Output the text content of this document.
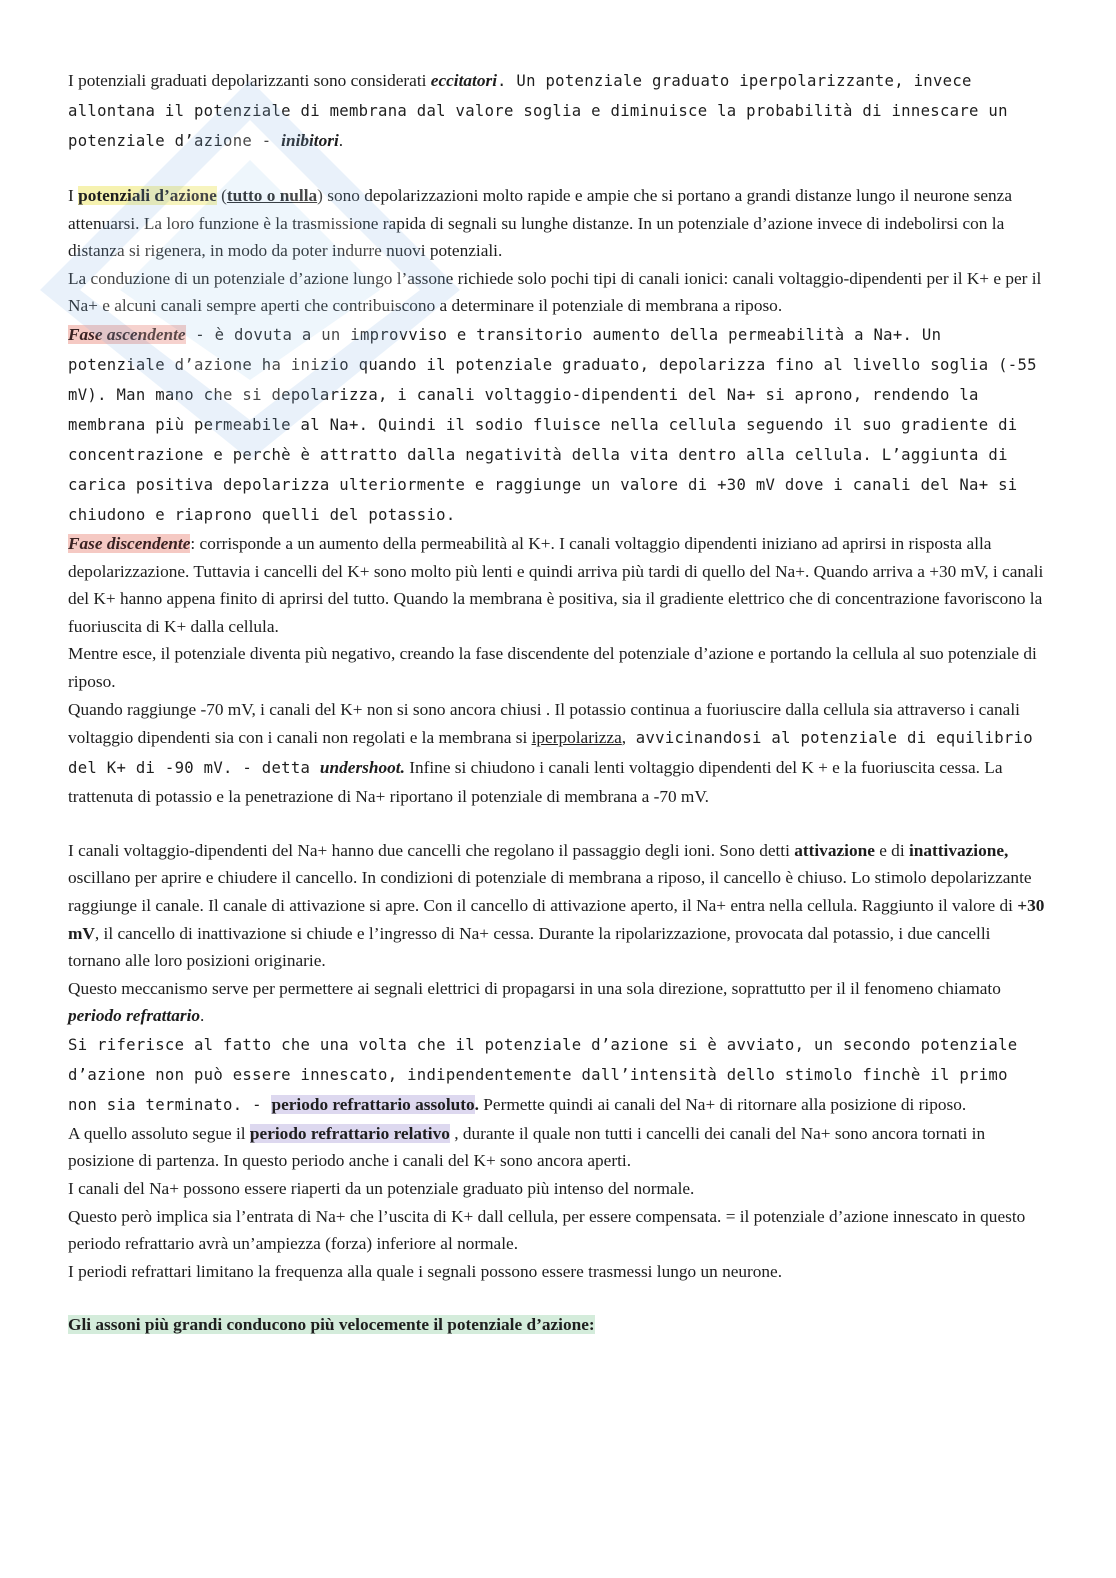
I potenziali graduati depolarizzanti sono considerati eccitatori. Un potenziale graduato iperpolarizzante, invece allontana il potenziale di membrana dal valore soglia e diminuisce la probabilità di innescare un potenziale d’azione - inibitori.

I potenziali d’azione (tutto o nulla) sono depolarizzazioni molto rapide e ampie che si portano a grandi distanze lungo il neurone senza attenuarsi. La loro funzione è la trasmissione rapida di segnali su lunghe distanze. In un potenziale d’azione invece di indebolirsi con la distanza si rigenera, in modo da poter indurre nuovi potenziali.

La conduzione di un potenziale d’azione lungo l’assone richiede solo pochi tipi di canali ionici: canali voltaggio-dipendenti per il K+ e per il Na+ e alcuni canali sempre aperti che contribuiscono a determinare il potenziale di membrana a riposo.

Fase ascendente - è dovuta a un improvviso e transitorio aumento della permeabilità a Na+. Un potenziale d’azione ha inizio quando il potenziale graduato, depolarizza fino al livello soglia (-55 mV). Man mano che si depolarizza, i canali voltaggio-dipendenti del Na+ si aprono, rendendo la membrana più permeabile al Na+. Quindi il sodio fluisce nella cellula seguendo il suo gradiente di concentrazione e perchè è attratto dalla negatività della vita dentro alla cellula. L’aggiunta di carica positiva depolarizza ulteriormente e raggiunge un valore di +30 mV dove i canali del Na+ si chiudono e riaprono quelli del potassio.

Fase discendente: corrisponde a un aumento della permeabilità al K+. I canali voltaggio dipendenti iniziano ad aprirsi in risposta alla depolarizzazione. Tuttavia i cancelli del K+ sono molto più lenti e quindi arriva più tardi di quello del Na+. Quando arriva a +30 mV, i canali del K+ hanno appena finito di aprirsi del tutto. Quando la membrana è positiva, sia il gradiente elettrico che di concentrazione favoriscono la fuoriuscita di K+ dalla cellula.

Mentre esce, il potenziale diventa più negativo, creando la fase discendente del potenziale d’azione e portando la cellula al suo potenziale di riposo.

Quando raggiunge -70 mV, i canali del K+ non si sono ancora chiusi . Il potassio continua a fuoriuscire dalla cellula sia attraverso i canali voltaggio dipendenti sia con i canali non regolati e la membrana si iperpolarizza, avvicinandosi al potenziale di equilibrio del K+ di -90 mV. - detta undershoot. Infine si chiudono i canali lenti voltaggio dipendenti del K + e la fuoriuscita cessa. La trattenuta di potassio e la penetrazione di Na+ riportano il potenziale di membrana a -70 mV.

I canali voltaggio-dipendenti del Na+ hanno due cancelli che regolano il passaggio degli ioni. Sono detti attivazione e di inattivazione, oscillano per aprire e chiudere il cancello. In condizioni di potenziale di membrana a riposo, il cancello è chiuso. Lo stimolo depolarizzante raggiunge il canale. Il canale di attivazione si apre. Con il cancello di attivazione aperto, il Na+ entra nella cellula. Raggiunto il valore di +30 mV, il cancello di inattivazione si chiude e l’ingresso di Na+ cessa. Durante la ripolarizzazione, provocata dal potassio, i due cancelli tornano alle loro posizioni originarie.

Questo meccanismo serve per permettere ai segnali elettrici di propagarsi in una sola direzione, soprattutto per il il fenomeno chiamato periodo refrattario.

Si riferisce al fatto che una volta che il potenziale d’azione si è avviato, un secondo potenziale d’azione non può essere innescato, indipendentemente dall’intensità dello stimolo finchè il primo non sia terminato. - periodo refrattario assoluto. Permette quindi ai canali del Na+ di ritornare alla posizione di riposo.

A quello assoluto segue il periodo refrattario relativo , durante il quale non tutti i cancelli dei canali del Na+ sono ancora tornati in posizione di partenza. In questo periodo anche i canali del K+ sono ancora aperti.

I canali del Na+ possono essere riaperti da un potenziale graduato più intenso del normale.

Questo però implica sia l’entrata di Na+ che l’uscita di K+ dall cellula, per essere compensata. = il potenziale d’azione innescato in questo periodo refrattario avrà un’ampiezza (forza) inferiore al normale.

I periodi refrattari limitano la frequenza alla quale i segnali possono essere trasmessi lungo un neurone.

Gli assoni più grandi conducono più velocemente il potenziale d’azione:
